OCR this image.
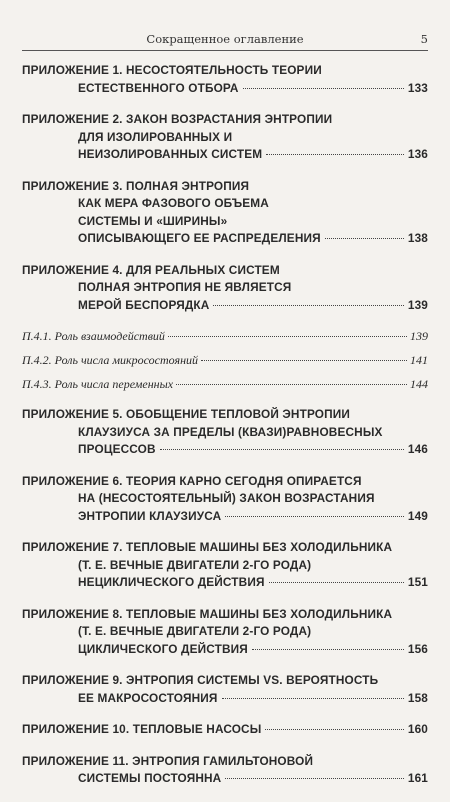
Сокращенное оглавление	5
ПРИЛОЖЕНИЕ 1. НЕСОСТОЯТЕЛЬНОСТЬ ТЕОРИИ
ЕСТЕСТВЕННОГО ОТБОРА	133
ПРИЛОЖЕНИЕ 2. ЗАКОН ВОЗРАСТАНИЯ ЭНТРОПИИ
ДЛЯ ИЗОЛИРОВАННЫХ И
НЕИЗОЛИРОВАННЫХ СИСТЕМ	136
ПРИЛОЖЕНИЕ 3. ПОЛНАЯ ЭНТРОПИЯ
КАК МЕРА ФАЗОВОГО ОБЪЕМА
СИСТЕМЫ И «ШИРИНЫ»
ОПИСЫВАЮЩЕГО ЕЕ РАСПРЕДЕЛЕНИЯ	138
ПРИЛОЖЕНИЕ 4. ДЛЯ РЕАЛЬНЫХ СИСТЕМ
ПОЛНАЯ ЭНТРОПИЯ НЕ ЯВЛЯЕТСЯ
МЕРОЙ БЕСПОРЯДКА	139
П.4.1. Роль взаимодействий	139
П.4.2. Роль числа микросостояний	141
П.4.3. Роль числа переменных	144
ПРИЛОЖЕНИЕ 5. ОБОБЩЕНИЕ ТЕПЛОВОЙ ЭНТРОПИИ
КЛАУЗИУСА ЗА ПРЕДЕЛЫ (КВАЗИ)РАВНОВЕСНЫХ
ПРОЦЕССОВ	146
ПРИЛОЖЕНИЕ 6. ТЕОРИЯ КАРНО СЕГОДНЯ ОПИРАЕТСЯ
НА (НЕСОСТОЯТЕЛЬНЫЙ) ЗАКОН ВОЗРАСТАНИЯ
ЭНТРОПИИ КЛАУЗИУСА	149
ПРИЛОЖЕНИЕ 7. ТЕПЛОВЫЕ МАШИНЫ БЕЗ ХОЛОДИЛЬНИКА
(Т. Е. ВЕЧНЫЕ ДВИГАТЕЛИ 2-ГО РОДА)
НЕЦИКЛИЧЕСКОГО ДЕЙСТВИЯ	151
ПРИЛОЖЕНИЕ 8. ТЕПЛОВЫЕ МАШИНЫ БЕЗ ХОЛОДИЛЬНИКА
(Т. Е. ВЕЧНЫЕ ДВИГАТЕЛИ 2-ГО РОДА)
ЦИКЛИЧЕСКОГО ДЕЙСТВИЯ	156
ПРИЛОЖЕНИЕ 9. ЭНТРОПИЯ СИСТЕМЫ VS. ВЕРОЯТНОСТЬ
ЕЕ МАКРОСОСТОЯНИЯ	158
ПРИЛОЖЕНИЕ 10. ТЕПЛОВЫЕ НАСОСЫ	160
ПРИЛОЖЕНИЕ 11. ЭНТРОПИЯ ГАМИЛЬТОНОВОЙ
СИСТЕМЫ ПОСТОЯННА	161
